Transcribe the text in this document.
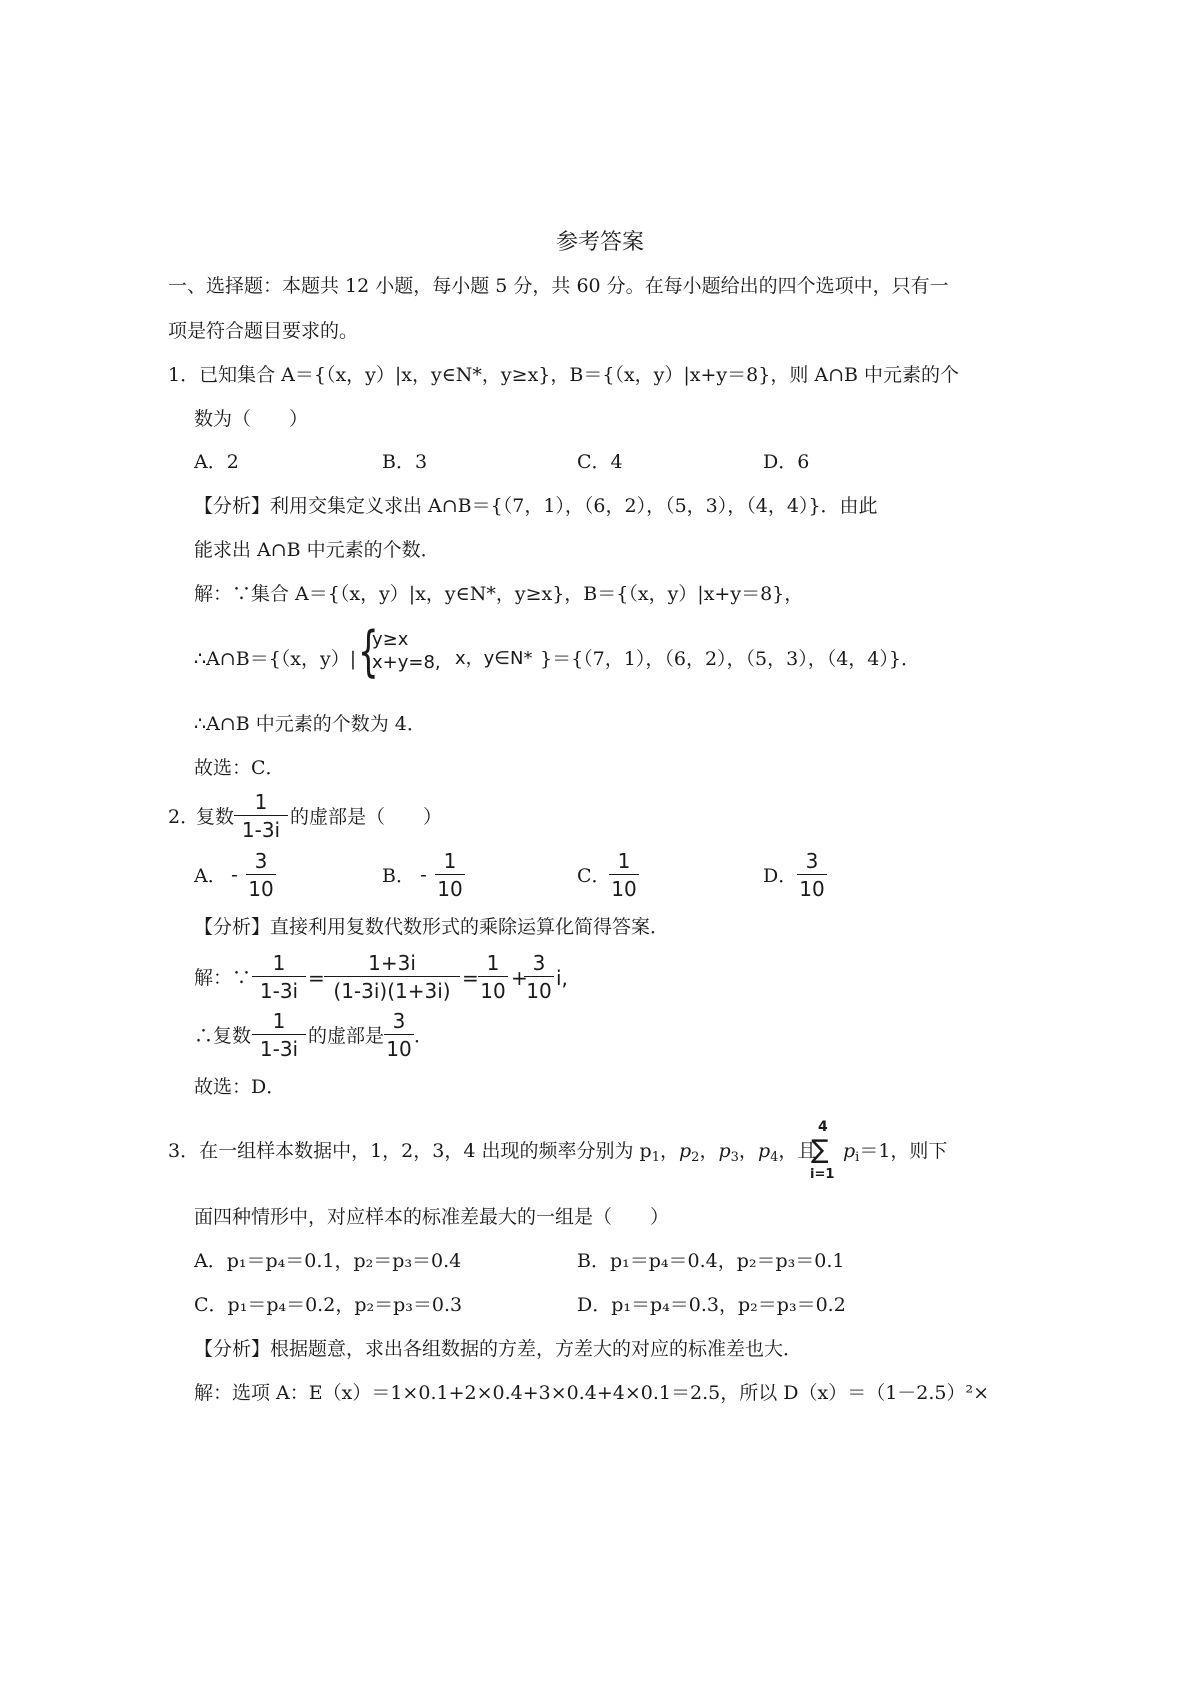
参考答案
一、选择题：本题共 12 小题，每小题 5 分，共 60 分。在每小题给出的四个选项中，只有一
项是符合题目要求的。
1．已知集合 A＝{（x，y）|x，y∈N*，y≥x}，B＝{（x，y）|x+y＝8}，则 A∩B 中元素的个
数为（　　）
A．2	B．3	C．4	D．6
【分析】利用交集定义求出 A∩B＝{（7，1），（6，2），（5，3），（4，4）}．由此
能求出 A∩B 中元素的个数．
解：∵集合 A＝{（x，y）|x，y∈N*，y≥x}，B＝{（x，y）|x+y＝8}，
∴A∩B＝{（x，y）| {
y≥x
x+y=8, x，y∈N* }＝{（7，1），（6，2），（5，3），（4，4）}．
∴A∩B 中元素的个数为 4．
故选：C．
2．
复数
1
1-3i
的虚部是（　　）
A． -
3
10
B． -
1
10
C．
1
10
D．
3
10
【分析】直接利用复数代数形式的乘除运算化简得答案．
解：∵
1
1-3i
=
1+3i
(1-3i)(1+3i)
=
1
10
+
3
10
i,
∴复数
1
1-3i
的虚部是
3
10
．
故选：D．
3．在一组样本数据中，1，2，3，4 出现的频率分别为 $p_1$，$p_2$，$p_3$，$p_4$，且
4
∑
i=1
$p_i=1$，则下
面四种情形中，对应样本的标准差最大的一组是（　　）
A．p₁＝p₄＝0.1，p₂＝p₃＝0.4	B．p₁＝p₄＝0.4，p₂＝p₃＝0.1
C．p₁＝p₄＝0.2，p₂＝p₃＝0.3	D．p₁＝p₄＝0.3，p₂＝p₃＝0.2
【分析】根据题意，求出各组数据的方差，方差大的对应的标准差也大．
解：选项 A：E（x）＝1×0.1+2×0.4+3×0.4+4×0.1＝2.5，所以 D（x）＝（1－2.5）²×
